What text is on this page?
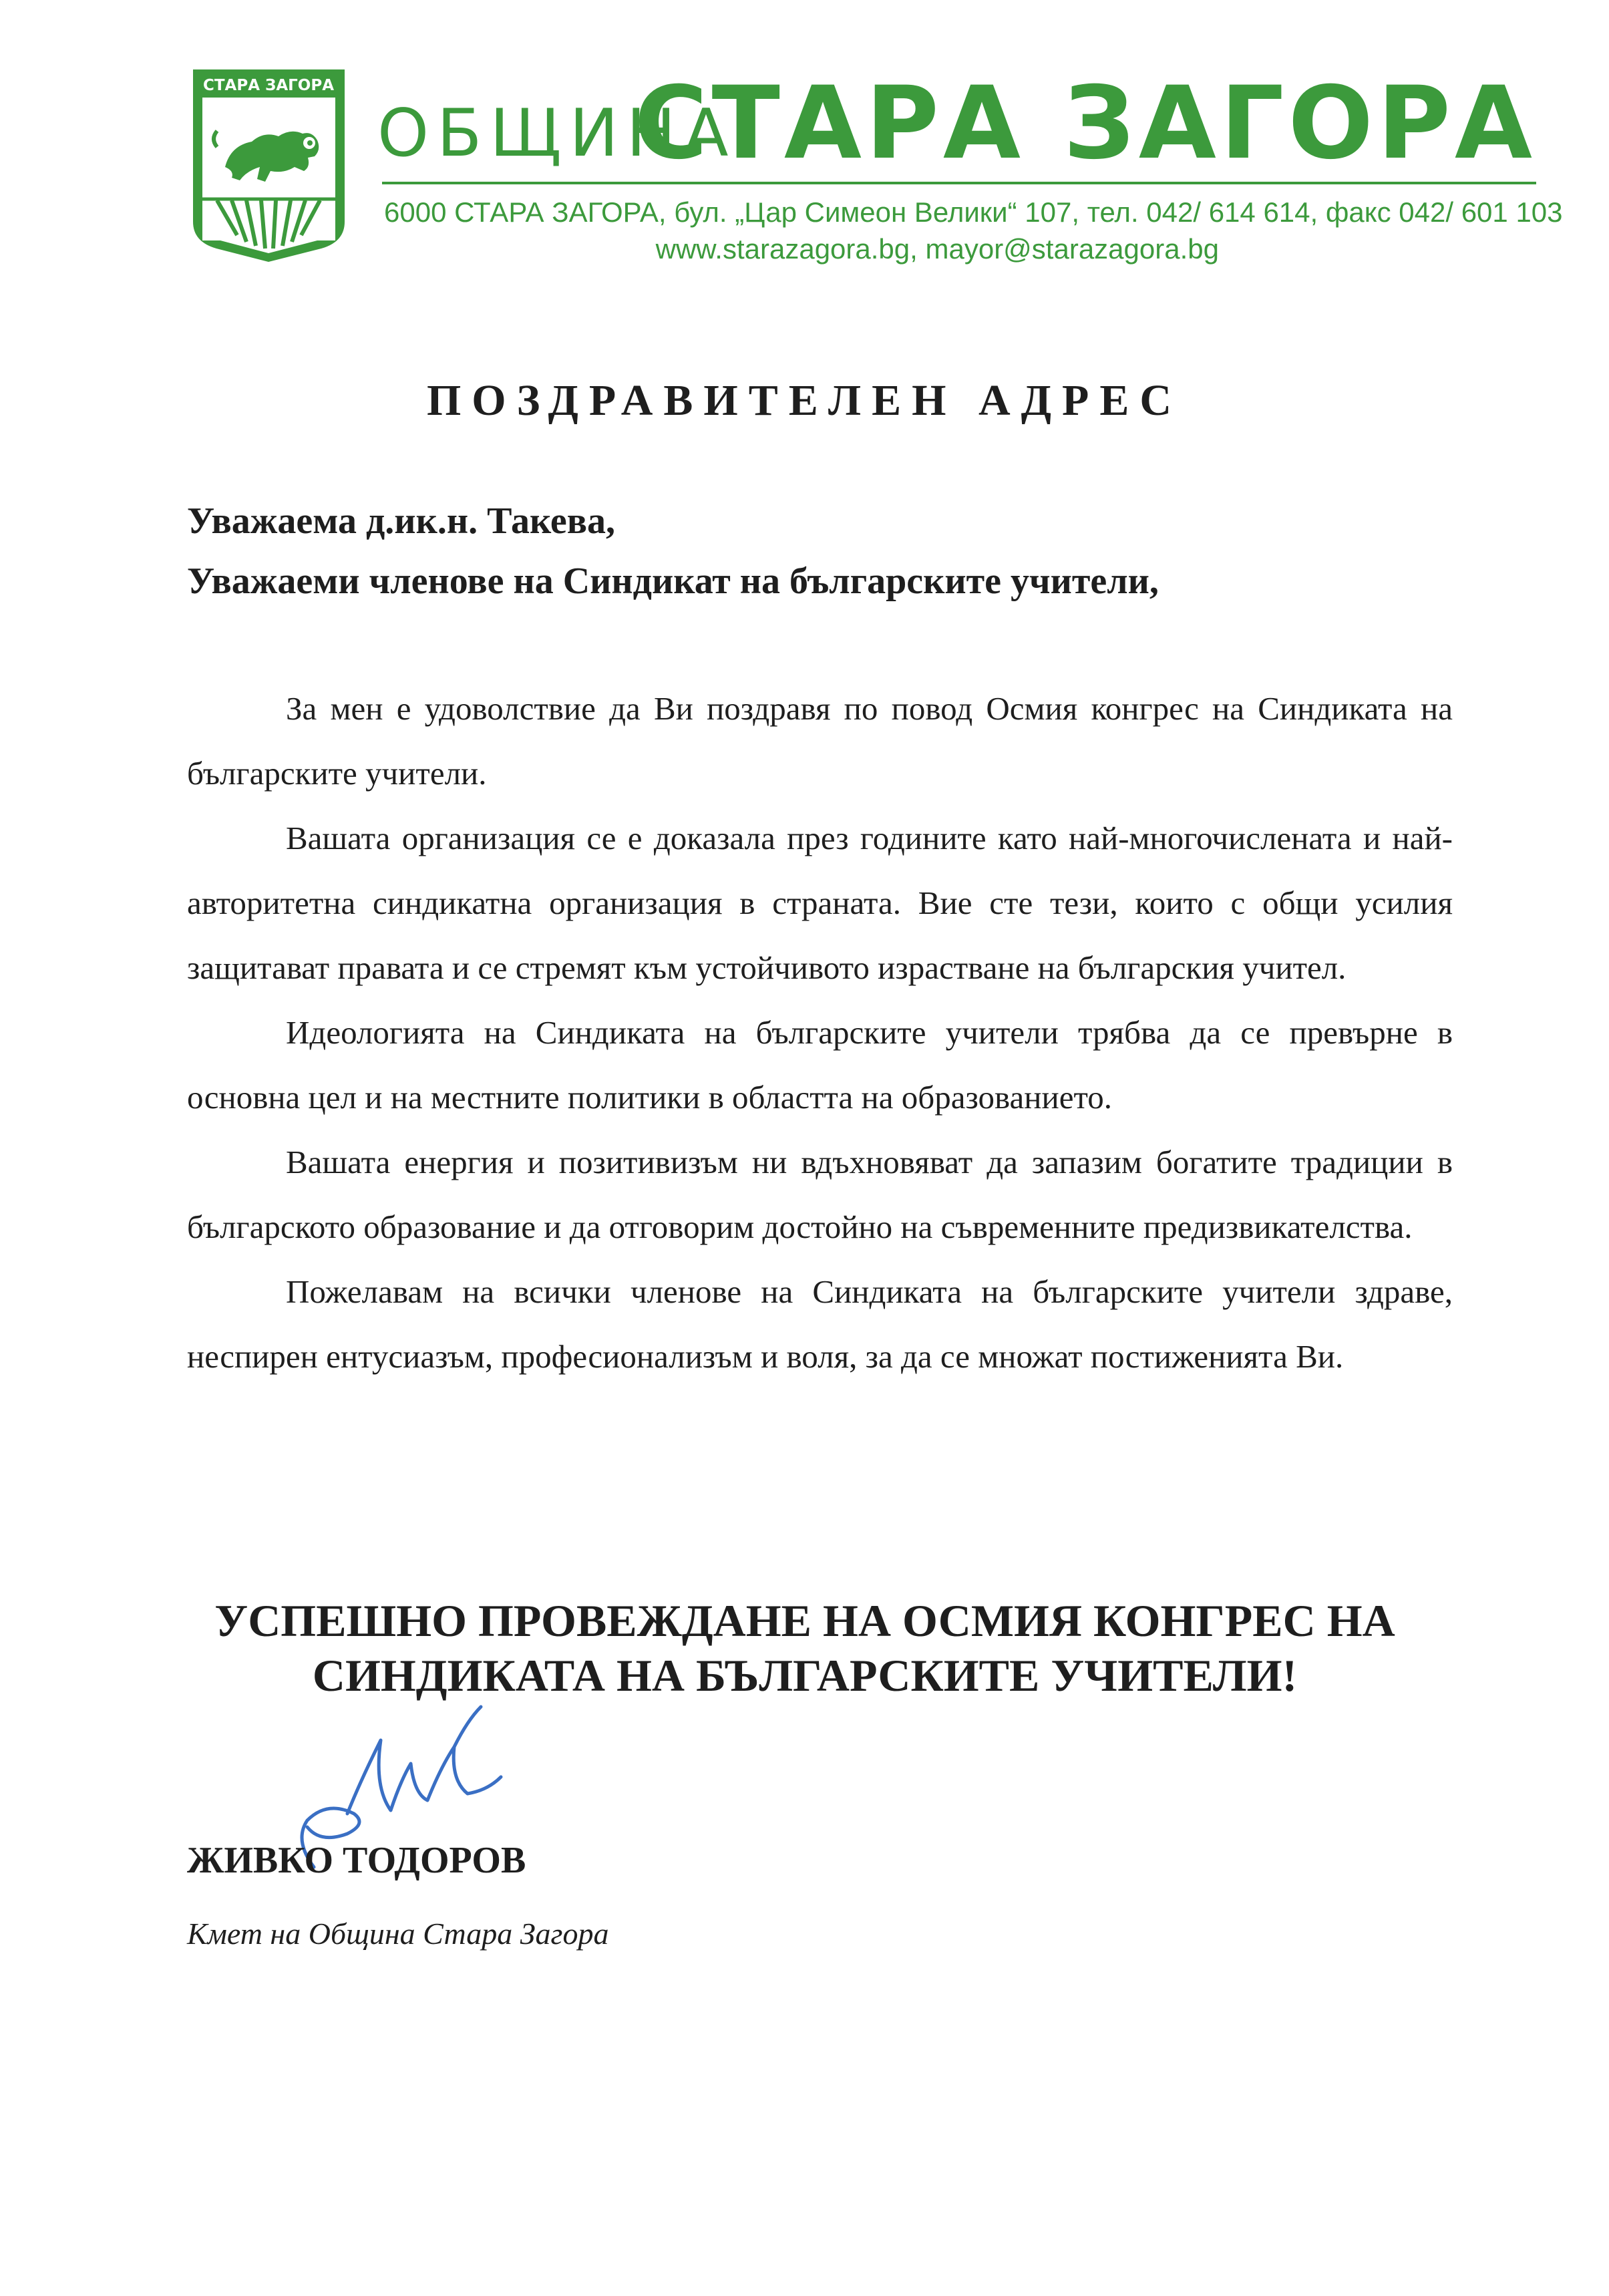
СТАРА ЗАГОРА
ОБЩИНА
СТАРА ЗАГОРА
6000 СТАРА ЗАГОРА, бул. „Цар Симеон Велики“ 107, тел. 042/ 614 614, факс 042/ 601 103
www.starazagora.bg, mayor@starazagora.bg
ПОЗДРАВИТЕЛЕН АДРЕС
Уважаема д.ик.н. Такева,
Уважаеми членове на Синдикат на българските учители,

За мен е удоволствие да Ви поздравя по повод Осмия конгрес на Синдиката на българските учители.

Вашата организация се е доказала през годините като най-многочислената и най-авторитетна синдикатна организация в страната. Вие сте тези, които с общи усилия защитават правата и се стремят към устойчивото израстване на българския учител.

Идеологията на Синдиката на българските учители трябва да се превърне в основна цел и на местните политики в областта на образованието.

Вашата енергия и позитивизъм ни вдъхновяват да запазим богатите традиции в българското образование и да отговорим достойно на съвременните предизвикателства.

Пожелавам на всички членове на Синдиката на българските учители здраве, неспирен ентусиазъм, професионализъм и воля, за да се множат постиженията Ви.

УСПЕШНО ПРОВЕЖДАНЕ НА ОСМИЯ КОНГРЕС НА СИНДИКАТА НА БЪЛГАРСКИТЕ УЧИТЕЛИ!
ЖИВКО ТОДОРОВ
Кмет на Община Стара Загора
